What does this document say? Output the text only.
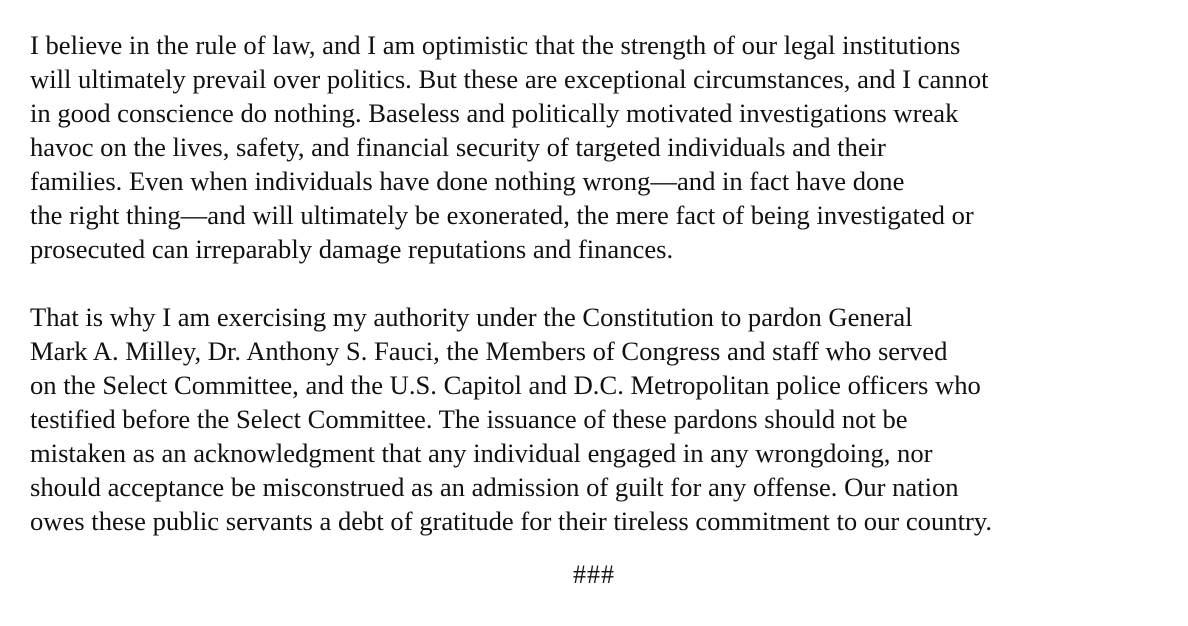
I believe in the rule of law, and I am optimistic that the strength of our legal institutions
will ultimately prevail over politics. But these are exceptional circumstances, and I cannot
in good conscience do nothing. Baseless and politically motivated investigations wreak
havoc on the lives, safety, and financial security of targeted individuals and their
families. Even when individuals have done nothing wrong—and in fact have done
the right thing—and will ultimately be exonerated, the mere fact of being investigated or
prosecuted can irreparably damage reputations and finances.

That is why I am exercising my authority under the Constitution to pardon General
Mark A. Milley, Dr. Anthony S. Fauci, the Members of Congress and staff who served
on the Select Committee, and the U.S. Capitol and D.C. Metropolitan police officers who
testified before the Select Committee. The issuance of these pardons should not be
mistaken as an acknowledgment that any individual engaged in any wrongdoing, nor
should acceptance be misconstrued as an admission of guilt for any offense. Our nation
owes these public servants a debt of gratitude for their tireless commitment to our country.

###
